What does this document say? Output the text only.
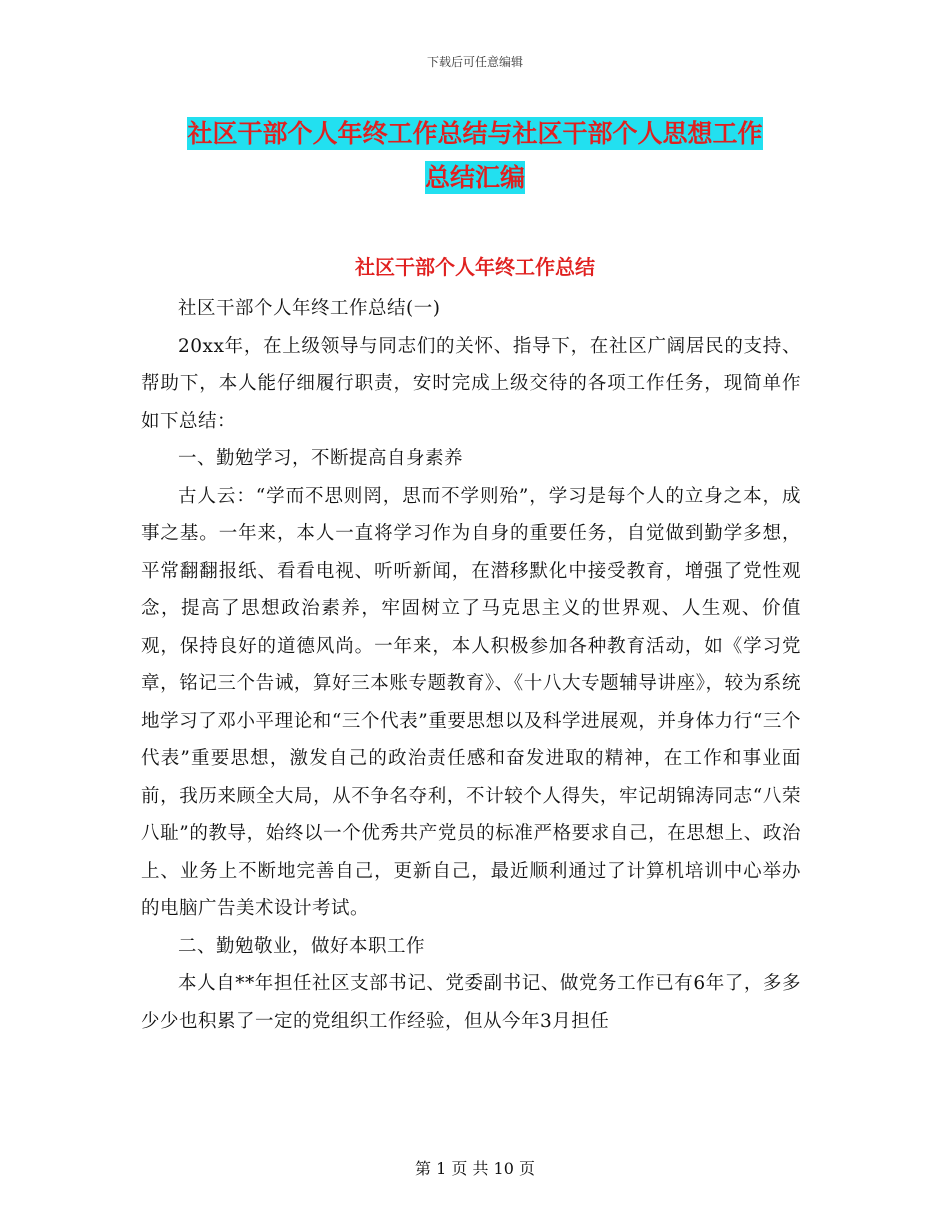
下载后可任意编辑
社区干部个人年终工作总结与社区干部个人思想工作
总结汇编
社区干部个人年终工作总结

社区干部个人年终工作总结(一)

20xx年，在上级领导与同志们的关怀、指导下，在社区广阔居民的支持、帮助下，本人能仔细履行职责，安时完成上级交待的各项工作任务，现简单作如下总结：

一、勤勉学习，不断提高自身素养

古人云：“学而不思则罔，思而不学则殆”，学习是每个人的立身之本，成事之基。一年来，本人一直将学习作为自身的重要任务，自觉做到勤学多想，平常翻翻报纸、看看电视、听听新闻，在潜移默化中接受教育，增强了党性观念，提高了思想政治素养，牢固树立了马克思主义的世界观、人生观、价值观，保持良好的道德风尚。一年来，本人积极参加各种教育活动，如《学习党章，铭记三个告诫，算好三本账专题教育》、《十八大专题辅导讲座》，较为系统地学习了邓小平理论和“三个代表”重要思想以及科学进展观，并身体力行“三个代表”重要思想，激发自己的政治责任感和奋发进取的精神，在工作和事业面前，我历来顾全大局，从不争名夺利，不计较个人得失，牢记胡锦涛同志“八荣八耻”的教导，始终以一个优秀共产党员的标准严格要求自己，在思想上、政治上、业务上不断地完善自己，更新自己，最近顺利通过了计算机培训中心举办的电脑广告美术设计考试。

二、勤勉敬业，做好本职工作

本人自**年担任社区支部书记、党委副书记、做党务工作已有6年了，多多少少也积累了一定的党组织工作经验，但从今年3月担任

第 1 页 共 10 页
